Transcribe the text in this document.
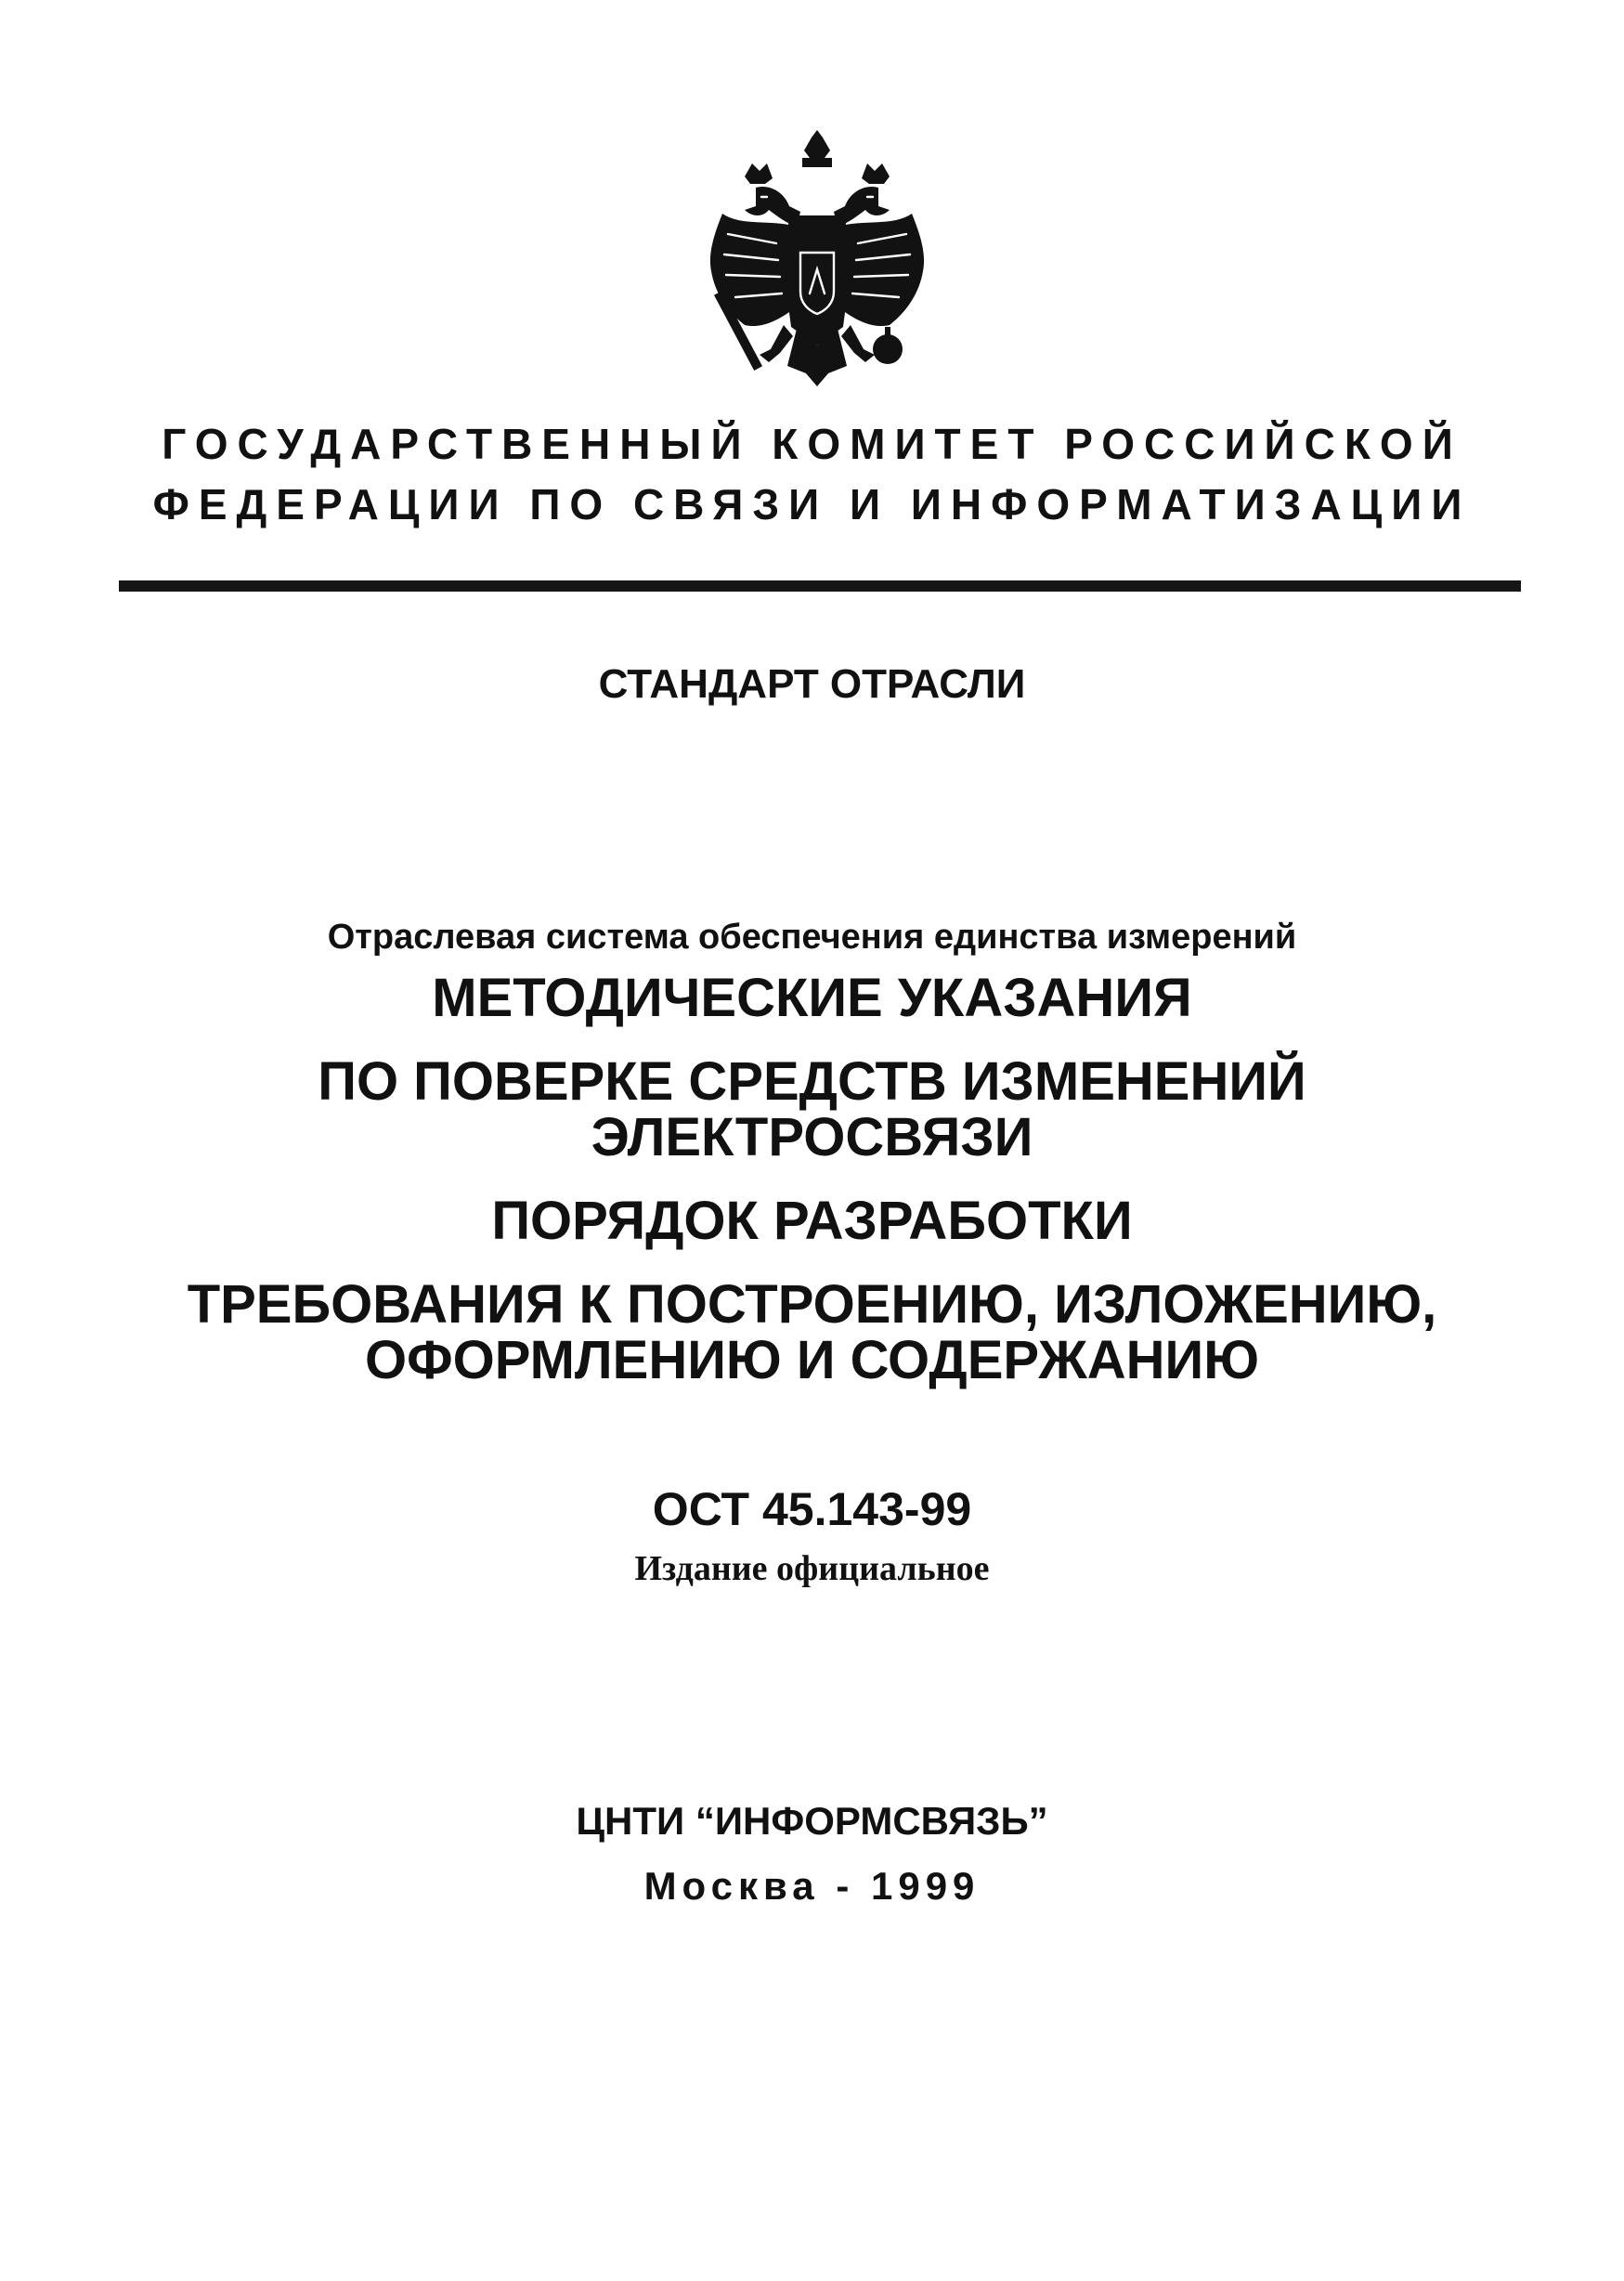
ГОСУДАРСТВЕННЫЙ КОМИТЕТ РОССИЙСКОЙ
ФЕДЕРАЦИИ ПО СВЯЗИ И ИНФОРМАТИЗАЦИИ
СТАНДАРТ ОТРАСЛИ
Отраслевая система обеспечения единства измерений
МЕТОДИЧЕСКИЕ УКАЗАНИЯ
ПО ПОВЕРКЕ СРЕДСТВ ИЗМЕНЕНИЙ
ЭЛЕКТРОСВЯЗИ
ПОРЯДОК РАЗРАБОТКИ
ТРЕБОВАНИЯ К ПОСТРОЕНИЮ, ИЗЛОЖЕНИЮ,
ОФОРМЛЕНИЮ И СОДЕРЖАНИЮ
ОСТ 45.143-99
Издание официальное
ЦНТИ “ИНФОРМСВЯЗЬ”
Москва - 1999
